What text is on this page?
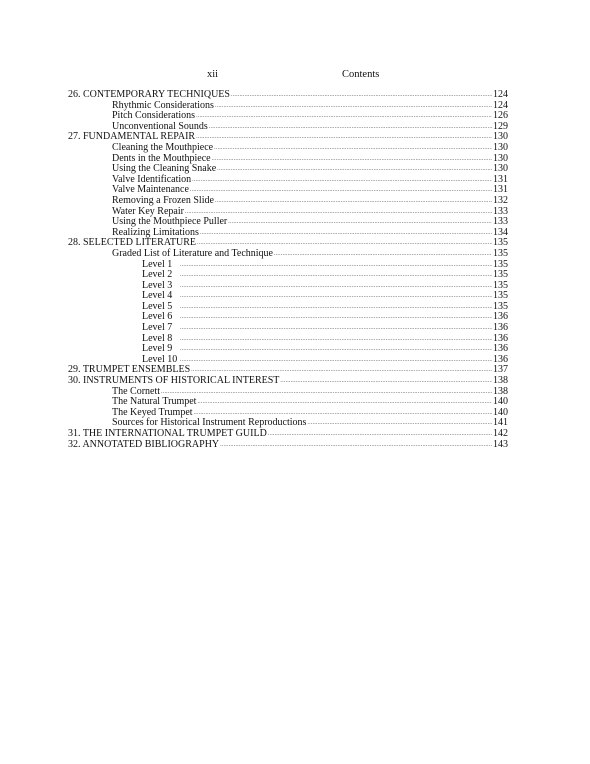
xii	Contents
26. CONTEMPORARY TECHNIQUES .....	124
Rhythmic Considerations .....	124
Pitch Considerations .....	126
Unconventional Sounds .....	129
27. FUNDAMENTAL REPAIR .....	130
Cleaning the Mouthpiece .....	130
Dents in the Mouthpiece .....	130
Using the Cleaning Snake .....	130
Valve Identification .....	131
Valve Maintenance .....	131
Removing a Frozen Slide .....	132
Water Key Repair .....	133
Using the Mouthpiece Puller .....	133
Realizing Limitations .....	134
28. SELECTED LITERATURE .....	135
Graded List of Literature and Technique .....	135
Level 1 .....	135
Level 2 .....	135
Level 3 .....	135
Level 4 .....	135
Level 5 .....	135
Level 6 .....	136
Level 7 .....	136
Level 8 .....	136
Level 9 .....	136
Level 10 .....	136
29. TRUMPET ENSEMBLES .....	137
30. INSTRUMENTS OF HISTORICAL INTEREST .....	138
The Cornett .....	138
The Natural Trumpet .....	140
The Keyed Trumpet .....	140
Sources for Historical Instrument Reproductions .....	141
31. THE INTERNATIONAL TRUMPET GUILD .....	142
32. ANNOTATED BIBLIOGRAPHY .....	143
